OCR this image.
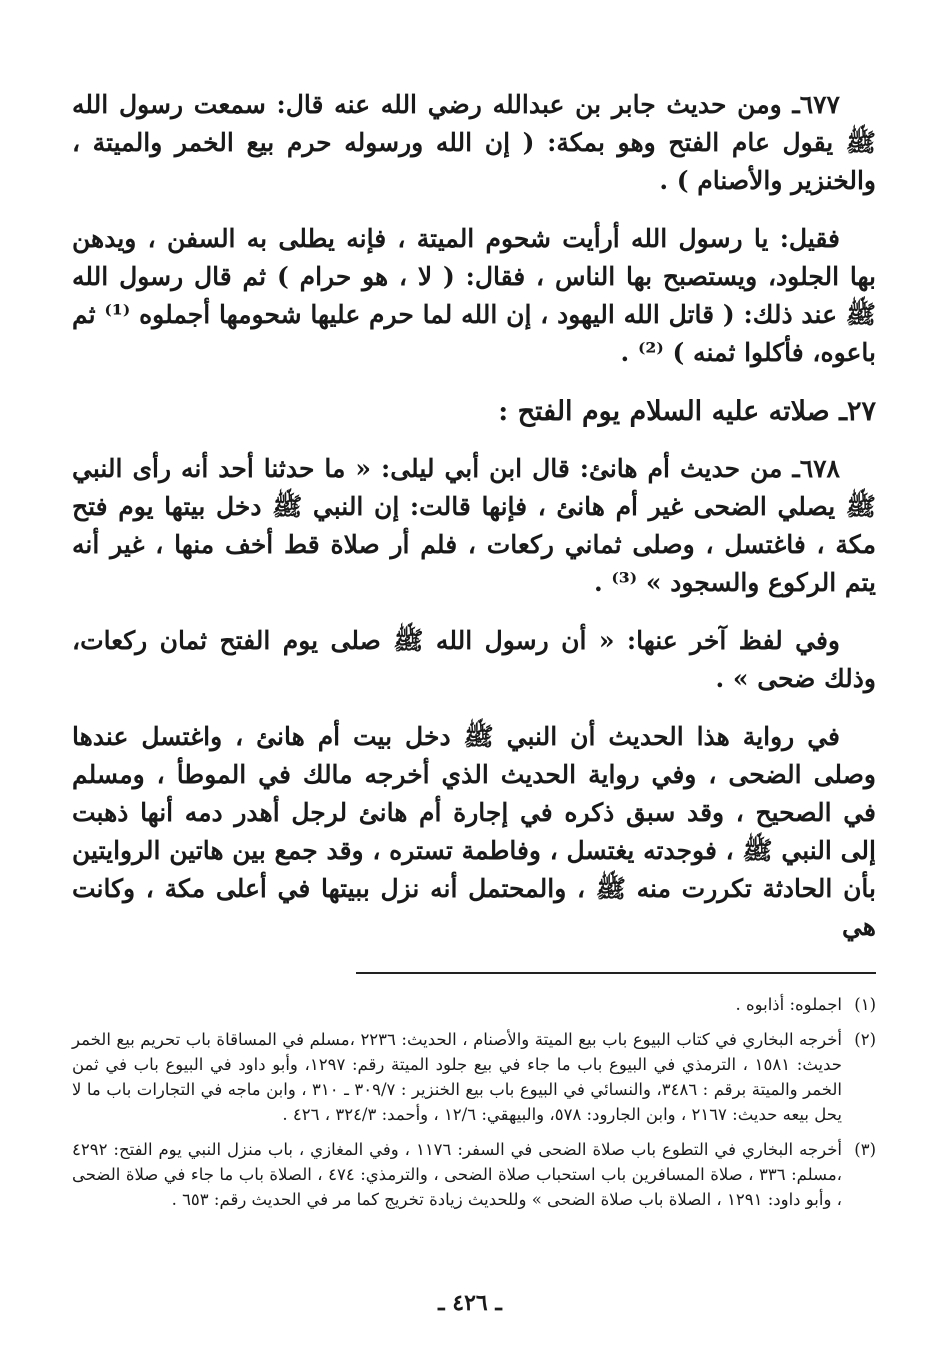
٦٧٧ـ ومن حديث جابر بن عبدالله رضي الله عنه قال: سمعت رسول الله ﷺ يقول عام الفتح وهو بمكة: ( إن الله ورسوله حرم بيع الخمر والميتة ، والخنزير والأصنام ) .

فقيل: يا رسول الله أرأيت شحوم الميتة ، فإنه يطلى به السفن ، ويدهن بها الجلود، ويستصبح بها الناس ، فقال: ( لا ، هو حرام ) ثم قال رسول الله ﷺ عند ذلك: ( قاتل الله اليهود ، إن الله لما حرم عليها شحومها أجملوه ⁽¹⁾ ثم باعوه، فأكلوا ثمنه ) ⁽²⁾ .

٢٧ـ صلاته عليه السلام يوم الفتح :

٦٧٨ـ من حديث أم هانئ: قال ابن أبي ليلى: « ما حدثنا أحد أنه رأى النبي ﷺ يصلي الضحى غير أم هانئ ، فإنها قالت: إن النبي ﷺ دخل بيتها يوم فتح مكة ، فاغتسل ، وصلى ثماني ركعات ، فلم أر صلاة قط أخف منها ، غير أنه يتم الركوع والسجود » ⁽³⁾ .

وفي لفظ آخر عنها: « أن رسول الله ﷺ صلى يوم الفتح ثمان ركعات، وذلك ضحى » .

في رواية هذا الحديث أن النبي ﷺ دخل بيت أم هانئ ، واغتسل عندها وصلى الضحى ، وفي رواية الحديث الذي أخرجه مالك في الموطأ ، ومسلم في الصحيح ، وقد سبق ذكره في إجارة أم هانئ لرجل أهدر دمه أنها ذهبت إلى النبي ﷺ ، فوجدته يغتسل ، وفاطمة تستره ، وقد جمع بين هاتين الروايتين بأن الحادثة تكررت منه ﷺ ، والمحتمل أنه نزل ببيتها في أعلى مكة ، وكانت هي

(١)
اجملوه: أذابوه .
(٢)
أخرجه البخاري في كتاب البيوع باب بيع الميتة والأصنام ، الحديث: ٢٢٣٦ ،مسلم في المساقاة باب تحريم بيع الخمر حديث: ١٥٨١ ، الترمذي في البيوع باب ما جاء في بيع جلود الميتة رقم: ١٢٩٧، وأبو داود في البيوع باب في ثمن الخمر والميتة برقم : ٣٤٨٦، والنسائي في البيوع باب بيع الخنزير : ٣٠٩/٧ ـ ٣١٠ ، وابن ماجه في التجارات باب ما لا يحل بيعه حديث: ٢١٦٧ ، وابن الجارود: ٥٧٨، والبيهقي: ١٢/٦ ، وأحمد: ٣٢٤/٣ ، ٤٢٦ .
(٣)
أخرجه البخاري في التطوع باب صلاة الضحى في السفر: ١١٧٦ ، وفي المغازي ، باب منزل النبي يوم الفتح: ٤٢٩٢ ،مسلم: ٣٣٦ ، صلاة المسافرين باب استحباب صلاة الضحى ، والترمذي: ٤٧٤ ، الصلاة باب ما جاء في صلاة الضحى ، وأبو داود: ١٢٩١ ، الصلاة باب صلاة الضحى » وللحديث زيادة تخريج كما مر في الحديث رقم: ٦٥٣ .
ـ ٤٢٦ ـ
